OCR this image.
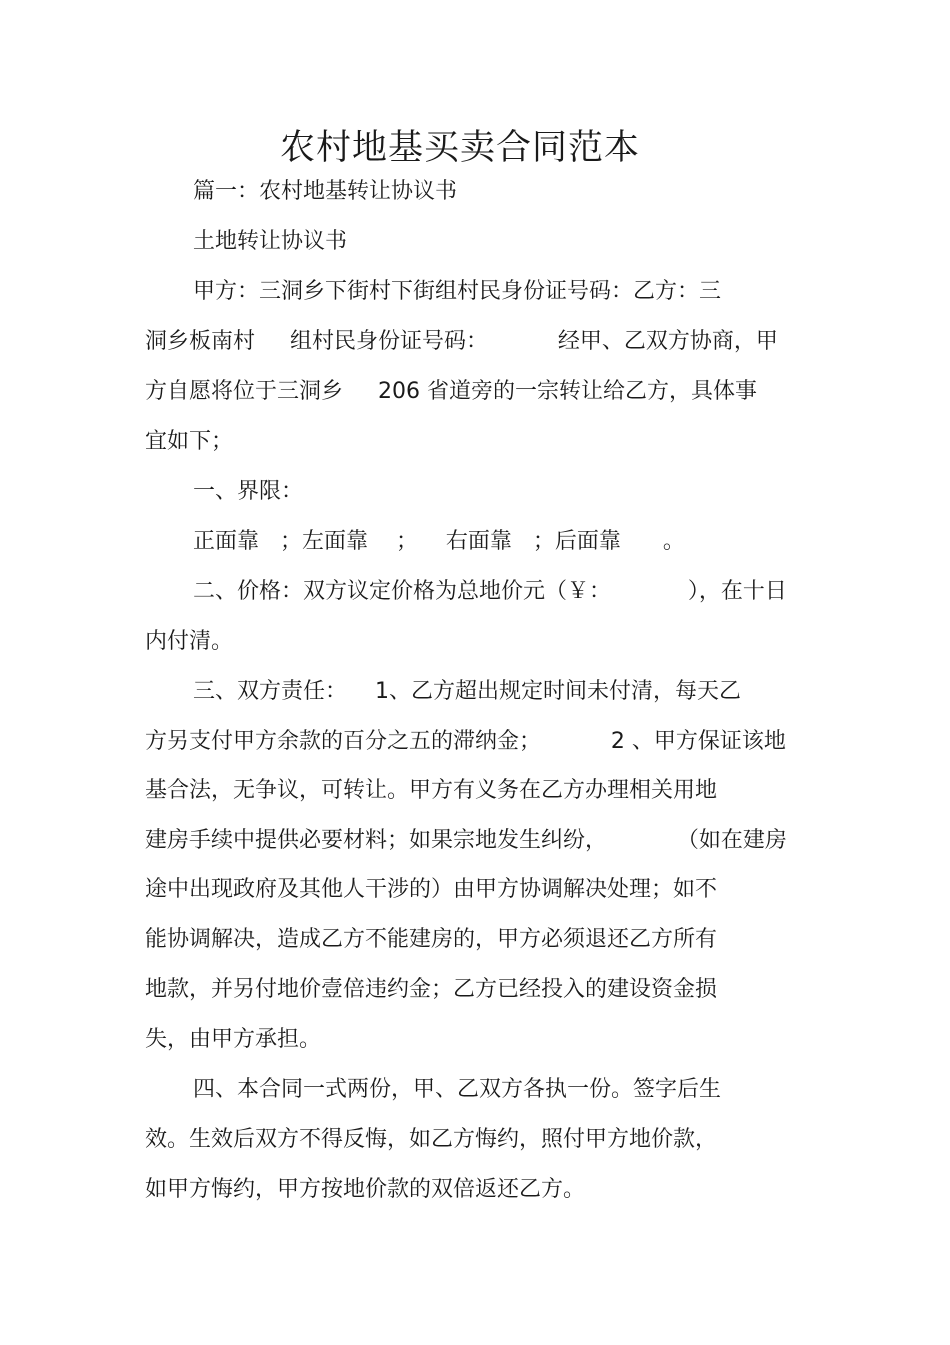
农村地基买卖合同范本
篇一：农村地基转让协议书
土地转让协议书
甲方：三洞乡下街村下街组村民身份证号码：乙方：三
洞乡板南村     组村民身份证号码：          经甲、乙双方协商，甲
方自愿将位于三洞乡     206 省道旁的一宗转让给乙方，具体事
宜如下；
一、界限：
正面靠   ；左面靠    ；    右面靠   ；后面靠      。
二、价格：双方议定价格为总地价元（￥：           ），在十日
内付清。
三、双方责任：    1、乙方超出规定时间未付清，每天乙
方另支付甲方余款的百分之五的滞纳金；          2 、甲方保证该地
基合法，无争议，可转让。甲方有义务在乙方办理相关用地
建房手续中提供必要材料；如果宗地发生纠纷，          （如在建房
途中出现政府及其他人干涉的）由甲方协调解决处理；如不
能协调解决，造成乙方不能建房的，甲方必须退还乙方所有
地款，并另付地价壹倍违约金；乙方已经投入的建设资金损
失，由甲方承担。
四、本合同一式两份，甲、乙双方各执一份。签字后生
效。生效后双方不得反悔，如乙方悔约，照付甲方地价款，
如甲方悔约，甲方按地价款的双倍返还乙方。
